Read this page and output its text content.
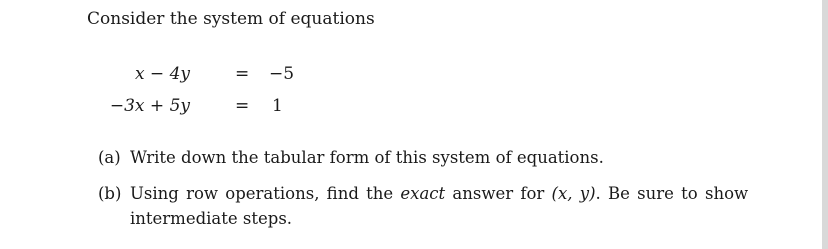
Consider the system of equations
x − 4y	= −5
−3x + 5y	= 1
(a) Write down the tabular form of this system of equations.
(b) Using row operations, find the exact answer for (x, y). Be sure to show
intermediate steps.
